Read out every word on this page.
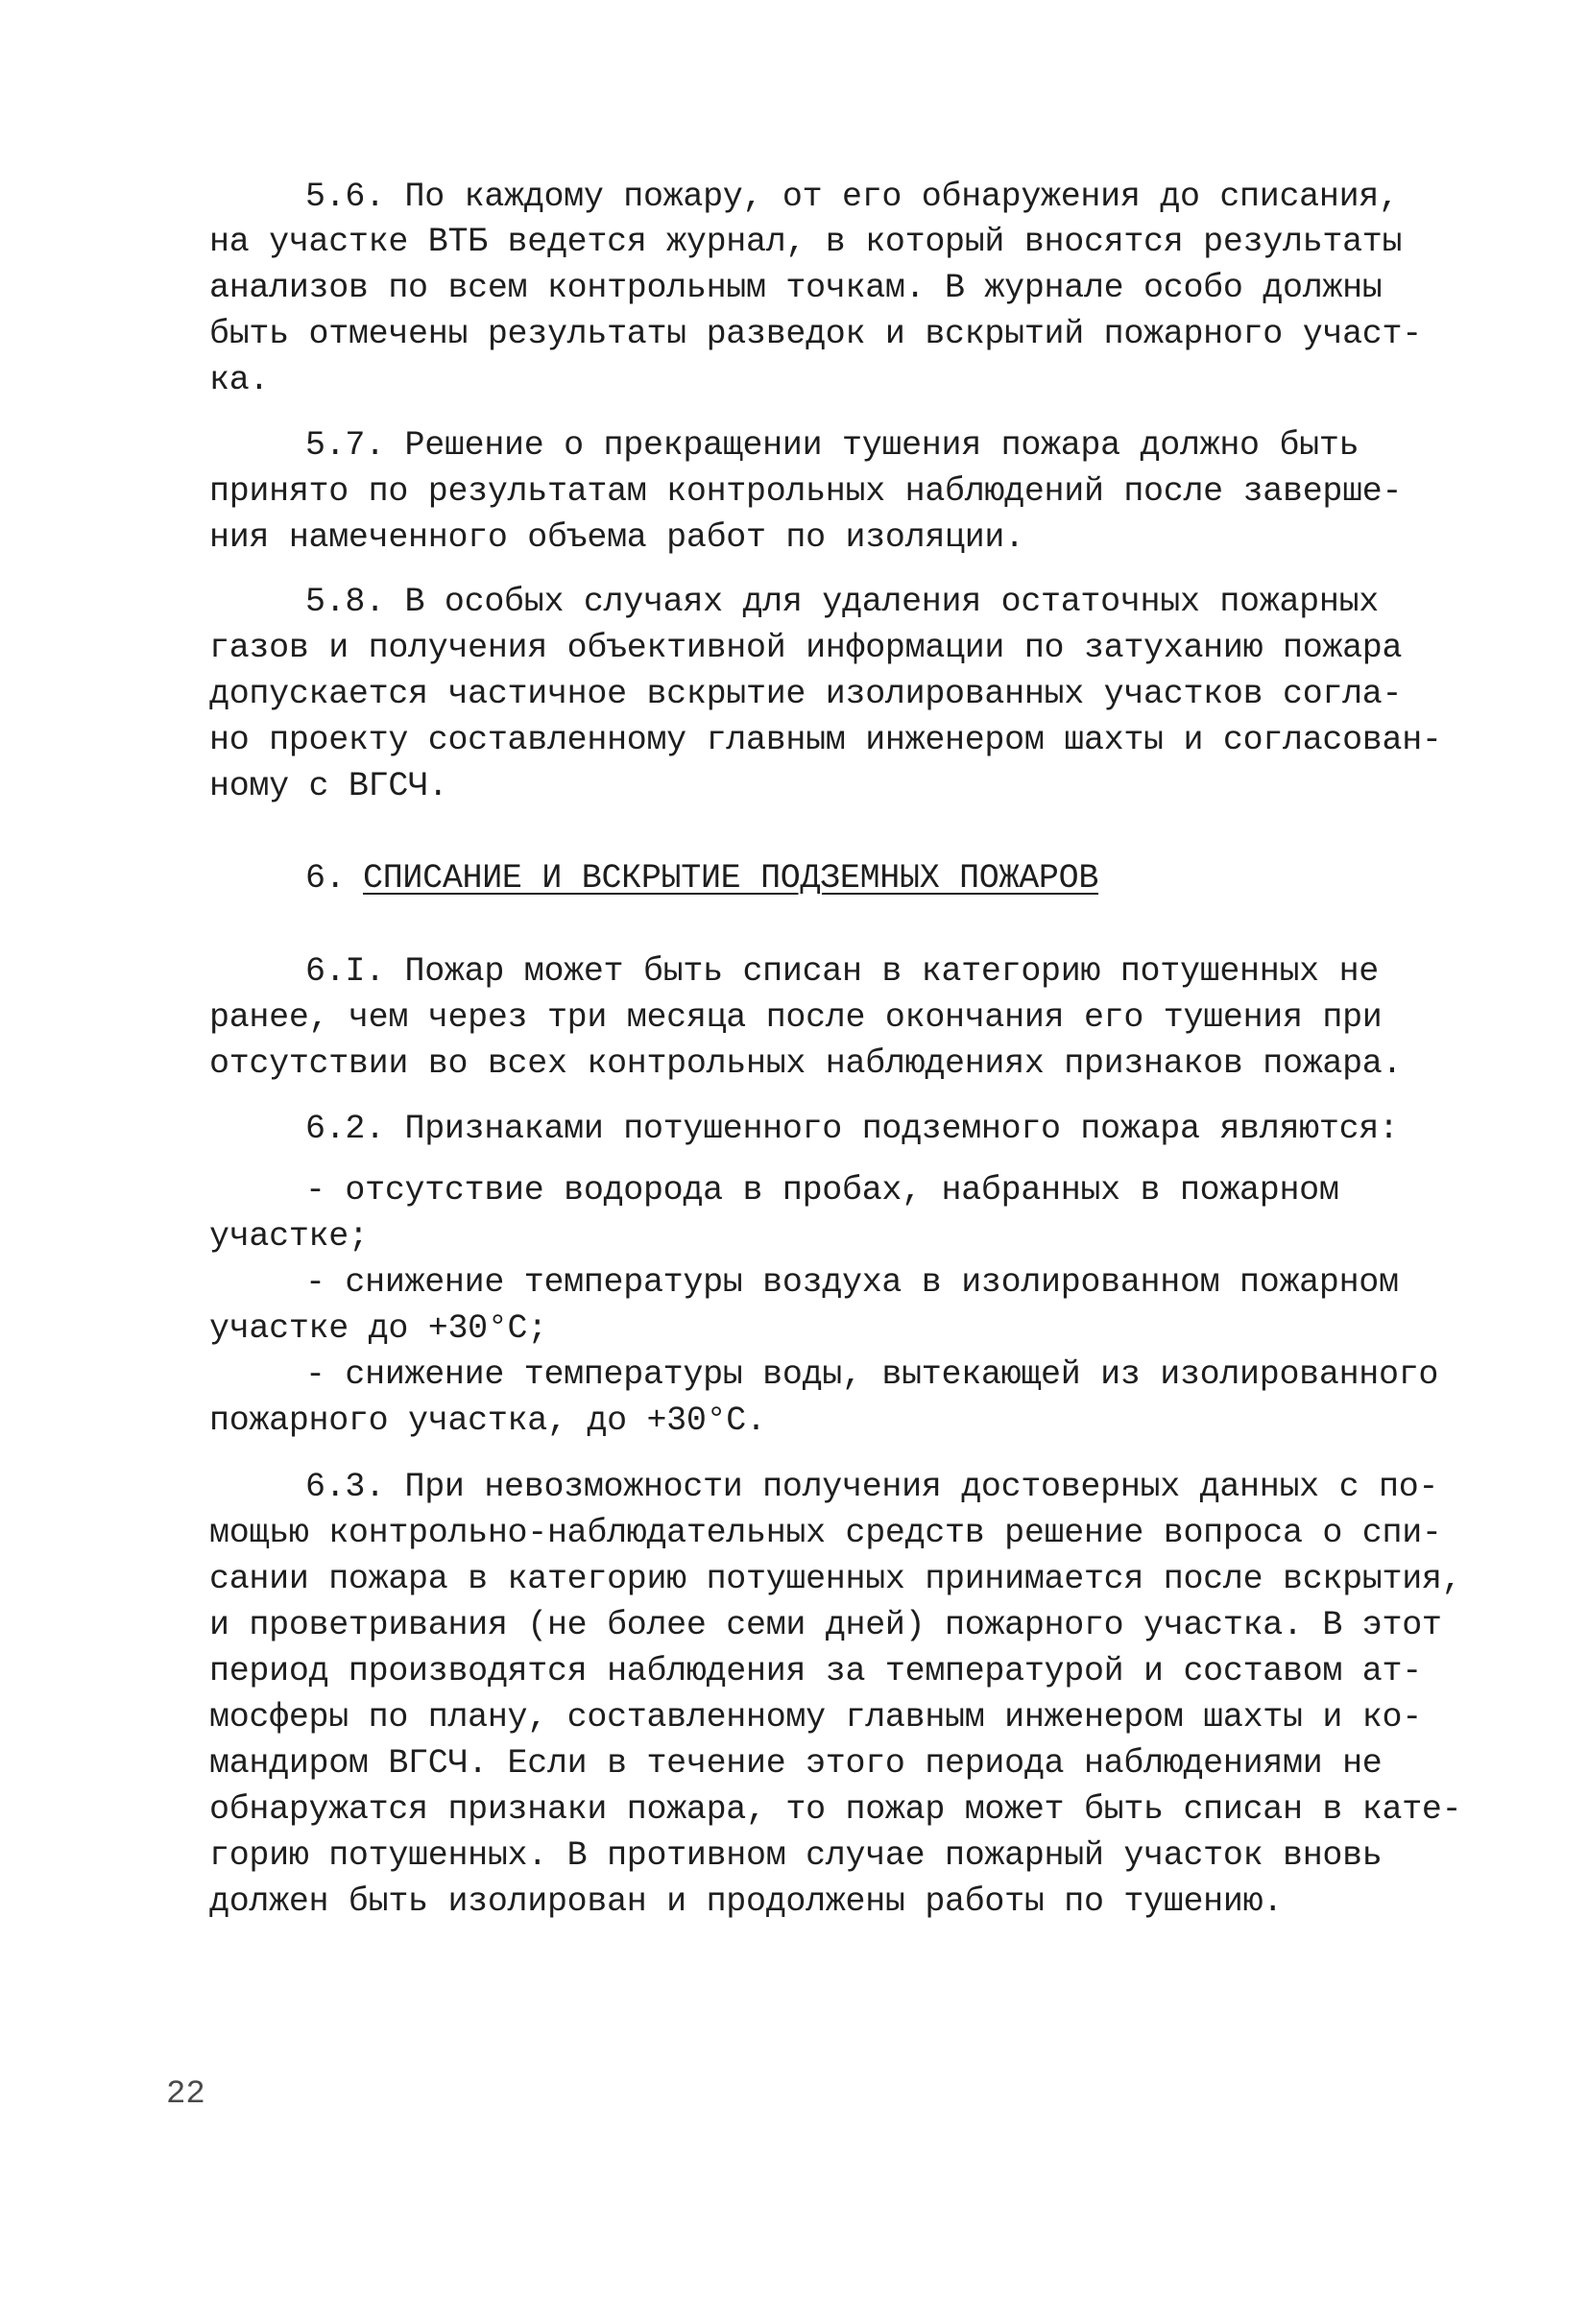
5.6. По каждому пожару, от его обнаружения до списания,
на участке ВТБ ведется журнал, в который вносятся результаты
анализов по всем контрольным точкам. В журнале особо должны
быть отмечены результаты разведок и вскрытий пожарного участ-
ка.
5.7. Решение о прекращении тушения пожара должно быть
принято по результатам контрольных наблюдений после заверше-
ния намеченного объема работ по изоляции.
5.8. В особых случаях для удаления остаточных пожарных
газов и получения объективной информации по затуханию пожара
допускается частичное вскрытие изолированных участков согла-
но проекту составленному главным инженером шахты и согласован-
ному с ВГСЧ.
6. СПИСАНИЕ И ВСКРЫТИЕ ПОДЗЕМНЫХ ПОЖАРОВ
6.I. Пожар может быть списан в категорию потушенных не
ранее, чем через три месяца после окончания его тушения при
отсутствии во всех контрольных наблюдениях признаков пожара.
6.2. Признаками потушенного подземного пожара являются:
- отсутствие водорода в пробах, набранных в пожарном
участке;
- снижение температуры воздуха в изолированном пожарном
участке до +30°С;
- снижение температуры воды, вытекающей из изолированного
пожарного участка, до +30°С.
6.3. При невозможности получения достоверных данных с по-
мощью контрольно-наблюдательных средств решение вопроса о спи-
сании пожара в категорию потушенных принимается после вскрытия,
и проветривания (не более семи дней) пожарного участка. В этот
период производятся наблюдения за температурой и составом ат-
мосферы по плану, составленному главным инженером шахты и ко-
мандиром ВГСЧ. Если в течение этого периода наблюдениями не
обнаружатся признаки пожара, то пожар может быть списан в кате-
горию потушенных. В противном случае пожарный участок вновь
должен быть изолирован и продолжены работы по тушению.
22
